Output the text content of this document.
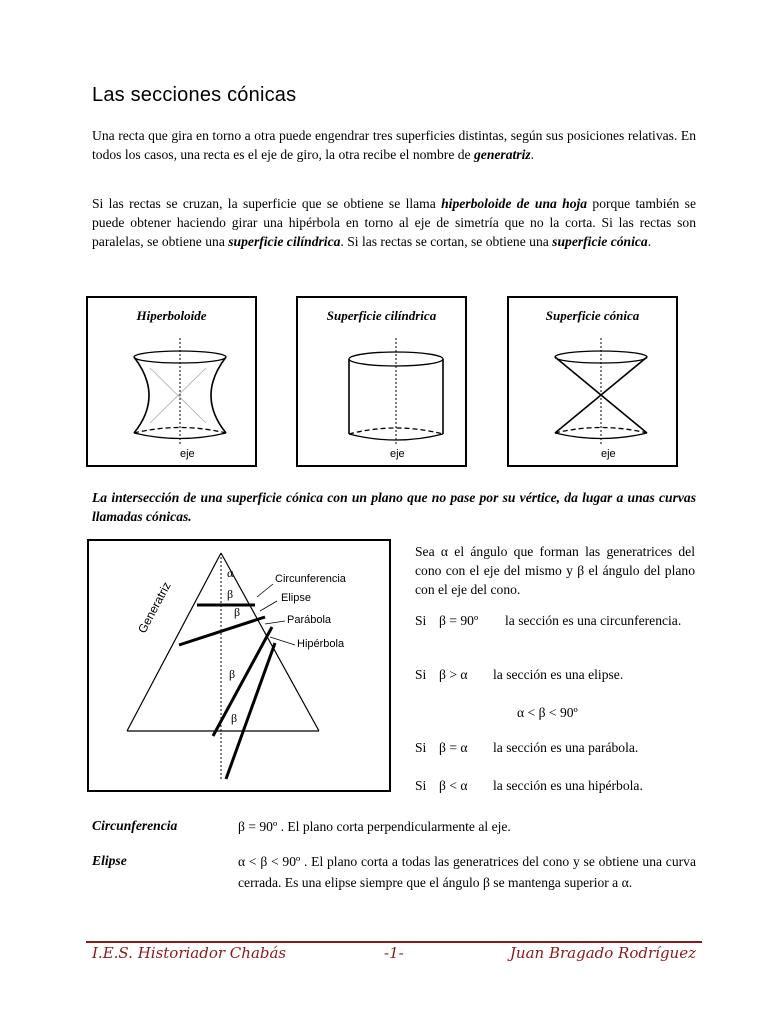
Las secciones cónicas
Una recta que gira en torno a otra puede engendrar tres superficies distintas, según sus posiciones relativas. En todos los casos, una recta es el eje de giro, la otra recibe el nombre de generatriz.
Si las rectas se cruzan, la superficie que se obtiene se llama hiperboloide de una hoja porque también se puede obtener haciendo girar una hipérbola en torno al eje de simetría que no la corta. Si las rectas son paralelas, se obtiene una superficie cilíndrica. Si las rectas se cortan, se obtiene una superficie cónica.
Hiperboloide
eje
Superficie cilíndrica
eje
Superficie cónica
eje
La intersección de una superficie cónica con un plano que no pase por su vértice, da lugar a unas curvas llamadas cónicas.
α
β
β
β
β
Circunferencia
Elipse
Parábola
Hipérbola
Generatriz
Sea α el ángulo que forman las generatrices del cono con el eje del mismo y β el ángulo del plano con el eje del cono.
Si β = 90º la sección es una circunferencia.
Si β > α la sección es una elipse.
α < β < 90º
Si β = α la sección es una parábola.
Si β < α la sección es una hipérbola.
Circunferencia	β = 90º . El plano corta perpendicularmente al eje.
Elipse	α < β < 90º . El plano corta a todas las generatrices del cono y se obtiene una curva cerrada. Es una elipse siempre que el ángulo β se mantenga superior a α.
I.E.S. Historiador Chabás	-1-	Juan Bragado Rodríguez
